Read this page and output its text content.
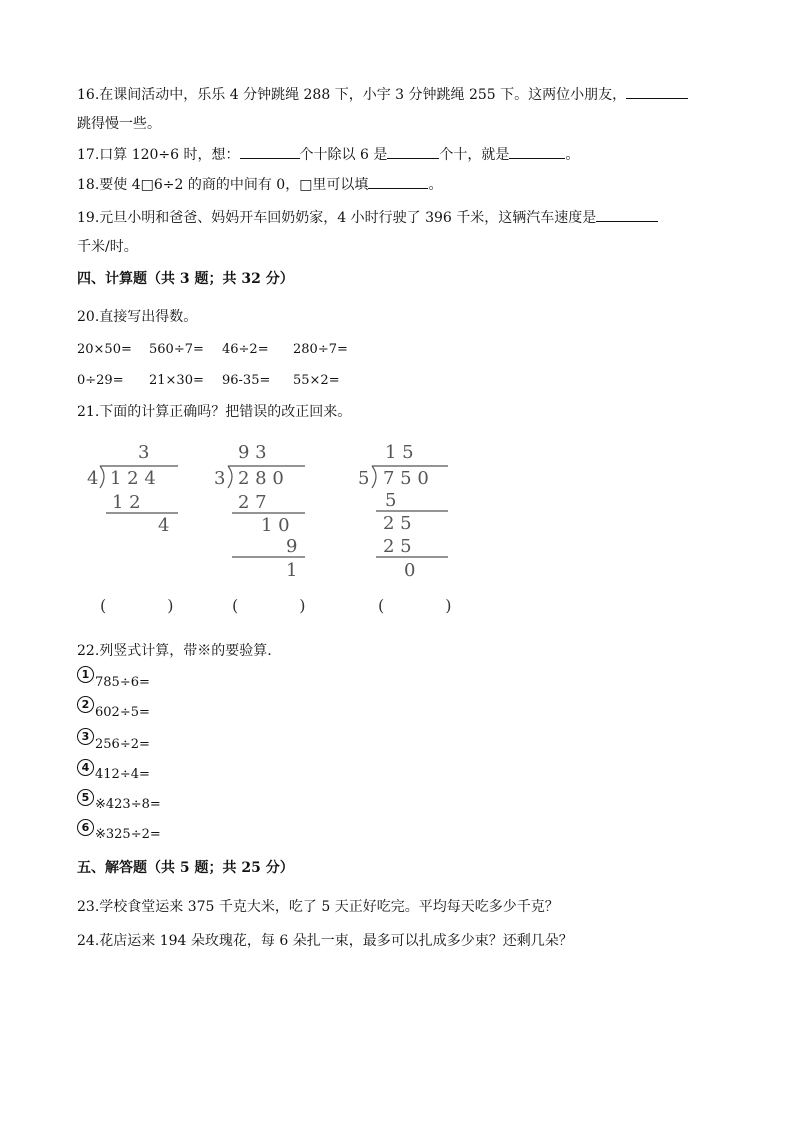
16.在课间活动中，乐乐 4 分钟跳绳 288 下，小宇 3 分钟跳绳 255 下。这两位小朋友，
跳得慢一些。
17.口算 120÷6 时，想：	个十除以 6 是	个十，就是	。
18.要使 4□6÷2 的商的中间有 0，□里可以填	。
19.元旦小明和爸爸、妈妈开车回奶奶家，4 小时行驶了 396 千米，这辆汽车速度是
千米/时。
四、计算题（共 3 题；共 32 分）
20.直接写出得数。
20×50= 560÷7= 46÷2= 280÷7=
0÷29= 21×30= 96-35= 55×2=
21.下面的计算正确吗？把错误的改正回来。
3
4 1 2 4
1 2
4
9 3
3 2 8 0
2 7
1 0
9
1
1 5
5 7 5 0
5
2 5
2 5
0
(            )	(            )	(            )
22.列竖式计算，带※的要验算.
1
785÷6=
2
602÷5=
3
256÷2=
4 412÷4=
5 ※423÷8=
6 ※325÷2=
五、解答题（共 5 题；共 25 分）
23.学校食堂运来 375 千克大米，吃了 5 天正好吃完。平均每天吃多少千克？
24.花店运来 194 朵玫瑰花，每 6 朵扎一束，最多可以扎成多少束？还剩几朵？
